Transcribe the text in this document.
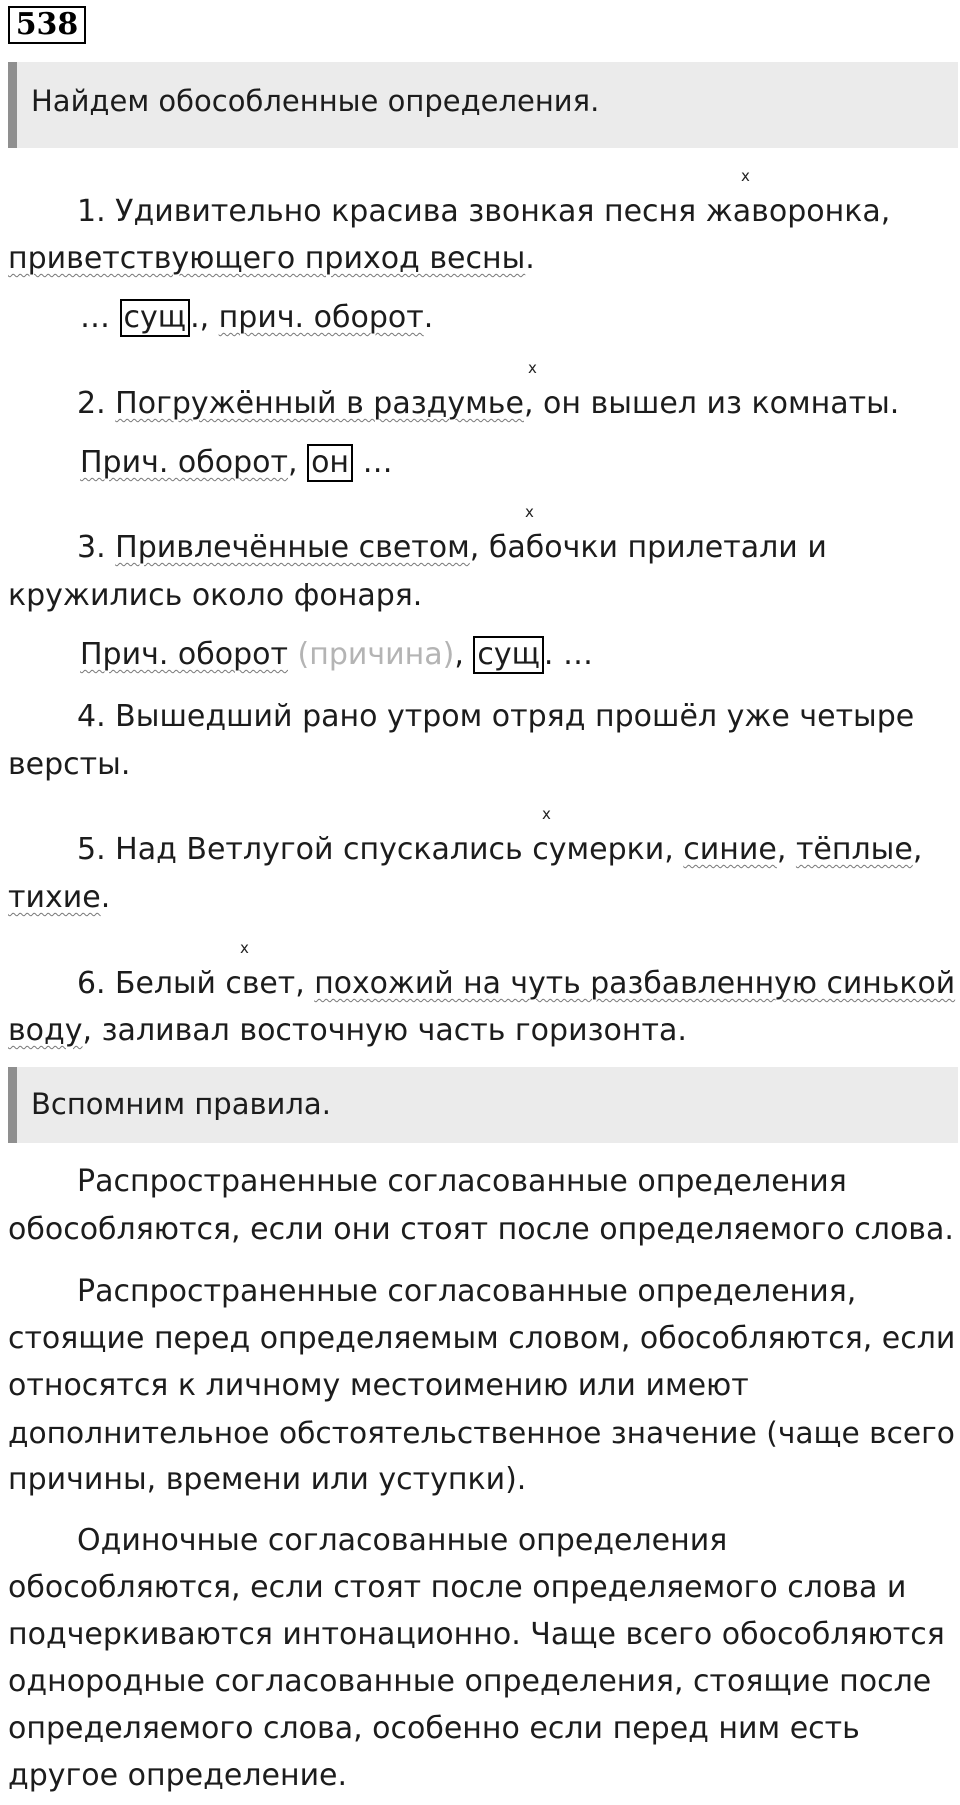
538
Найдем обособленные определения.
x
1. Удивительно красива звонкая песня жаворонка,
приветствующего приход весны.
… сущ ., прич. оборот.
x
2. Погружённый в раздумье, он вышел из комнаты.
Прич. оборот, он …
x
3. Привлечённые светом, бабочки прилетали и
кружились около фонаря.
Прич. оборот (причина), сущ . …
4. Вышедший рано утром отряд прошёл уже четыре
версты.
x
5. Над Ветлугой спускались сумерки, синие, тёплые,
тихие.
x
6. Белый свет, похожий на чуть разбавленную синькой
воду, заливал восточную часть горизонта.
Вспомним правила.
Распространенные согласованные определения
обособляются, если они стоят после определяемого слова.
Распространенные согласованные определения,
стоящие перед определяемым словом, обособляются, если
относятся к личному местоимению или имеют
дополнительное обстоятельственное значение (чаще всего
причины, времени или уступки).
Одиночные согласованные определения
обособляются, если стоят после определяемого слова и
подчеркиваются интонационно. Чаще всего обособляются
однородные согласованные определения, стоящие после
определяемого слова, особенно если перед ним есть
другое определение.
